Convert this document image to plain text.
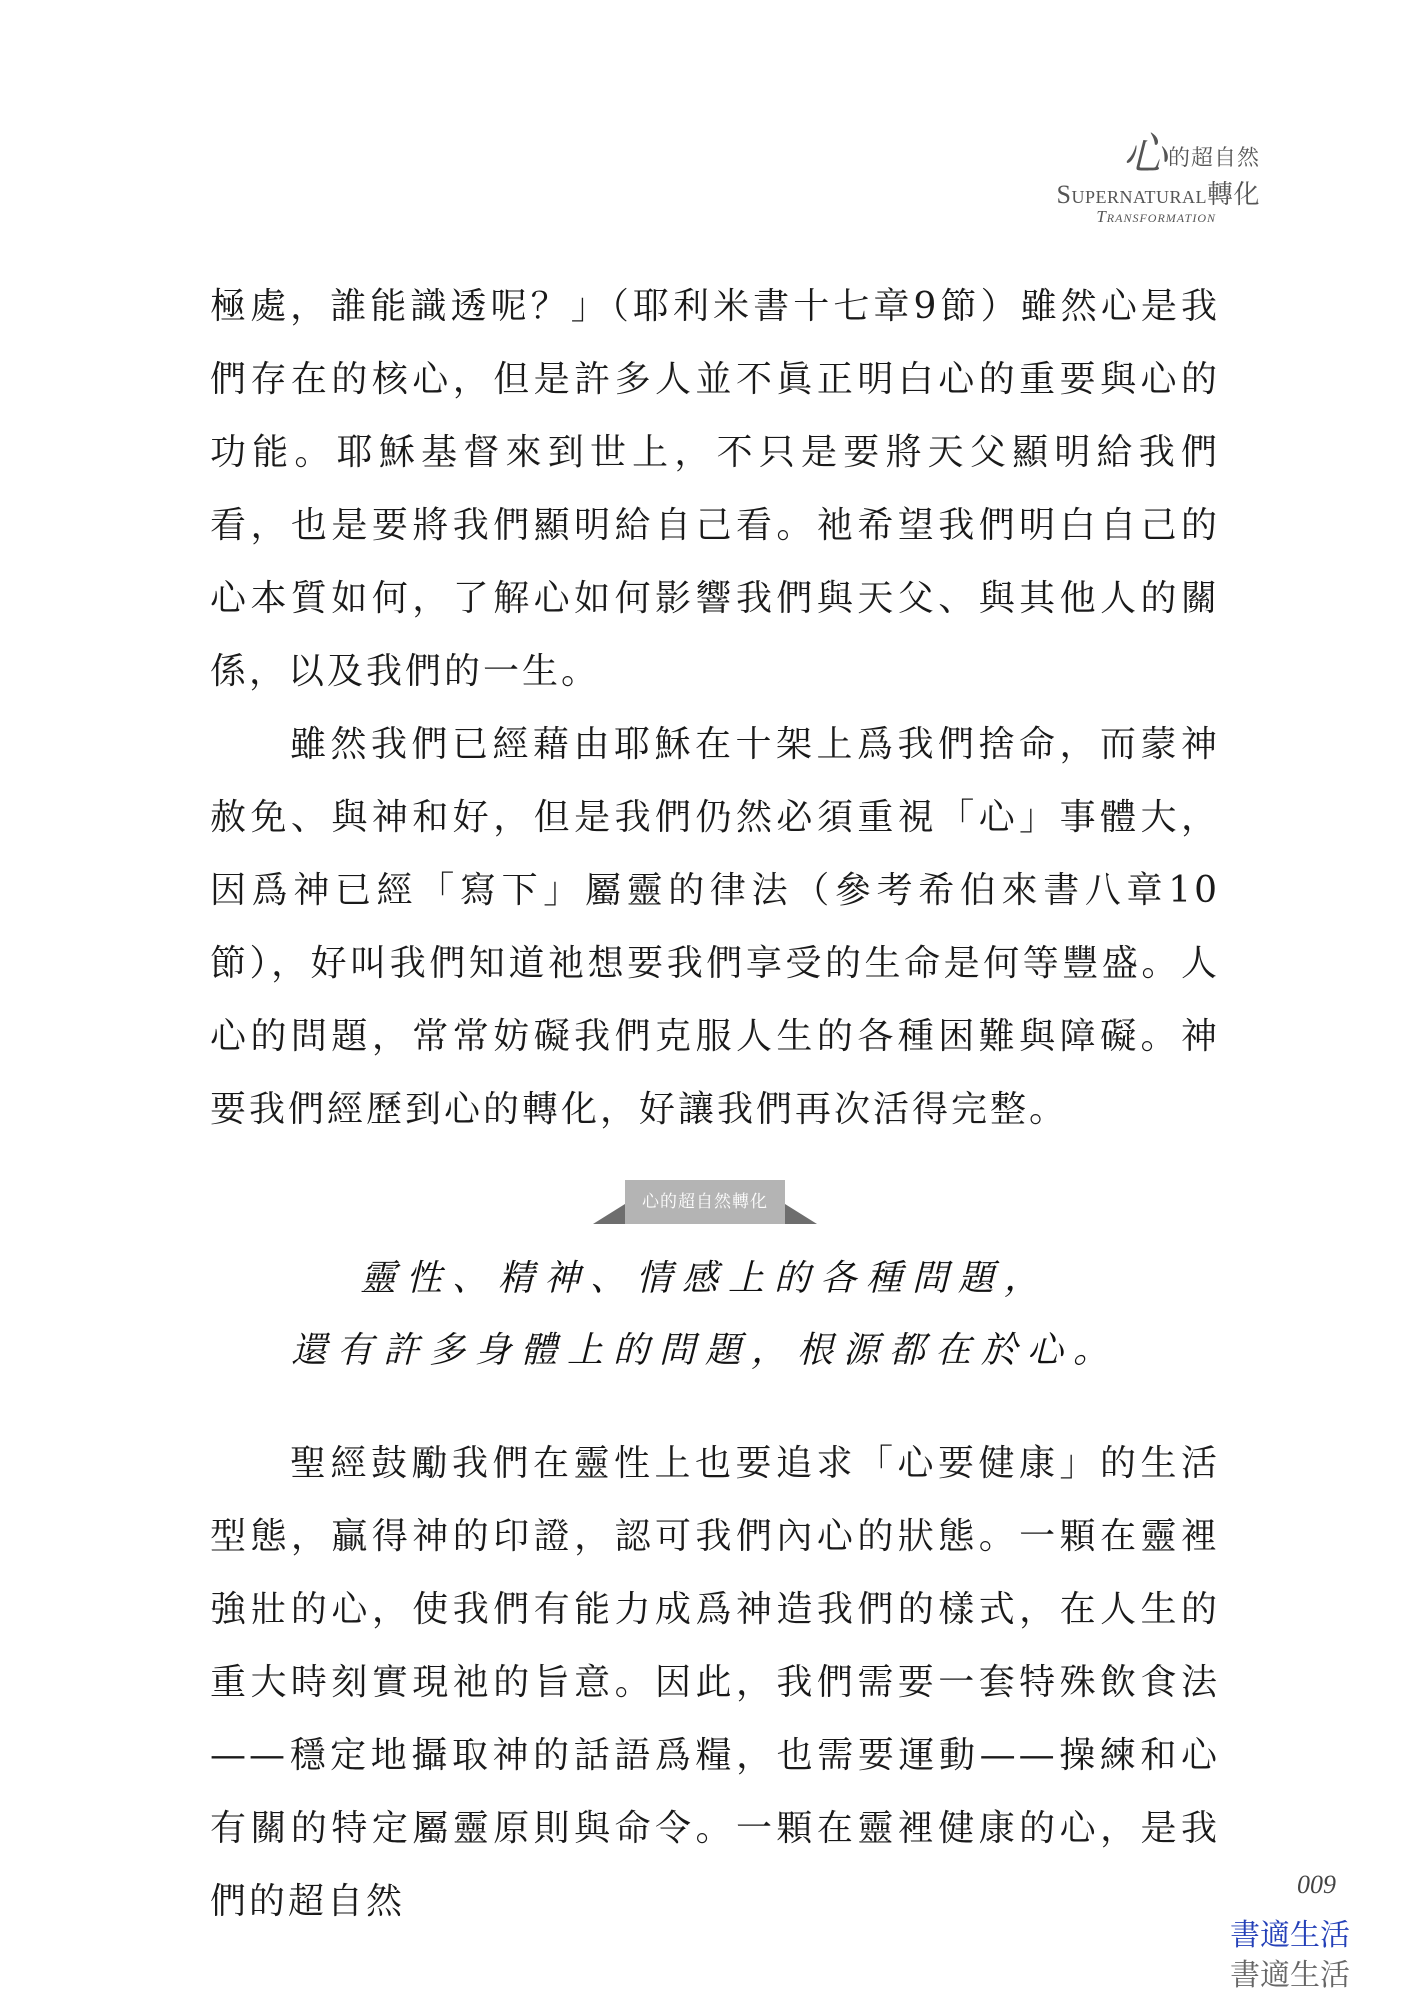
心的超自然
Supernatural轉化
Transformation

極處，誰能識透呢？」（耶利米書十七章9節）雖然心是我們存在的核心，但是許多人並不眞正明白心的重要與心的功能。耶穌基督來到世上，不只是要將天父顯明給我們看，也是要將我們顯明給自己看。祂希望我們明白自己的心本質如何，了解心如何影響我們與天父、與其他人的關係，以及我們的一生。

雖然我們已經藉由耶穌在十架上爲我們捨命，而蒙神赦免、與神和好，但是我們仍然必須重視「心」事體大，因爲神已經「寫下」屬靈的律法（參考希伯來書八章10節），好叫我們知道祂想要我們享受的生命是何等豐盛。人心的問題，常常妨礙我們克服人生的各種困難與障礙。神要我們經歷到心的轉化，好讓我們再次活得完整。

心的超自然轉化
靈性、精神、情感上的各種問題，
還有許多身體上的問題，根源都在於心。

聖經鼓勵我們在靈性上也要追求「心要健康」的生活型態，贏得神的印證，認可我們內心的狀態。一顆在靈裡強壯的心，使我們有能力成爲神造我們的樣式，在人生的重大時刻實現祂的旨意。因此，我們需要一套特殊飲食法——穩定地攝取神的話語爲糧，也需要運動——操練和心有關的特定屬靈原則與命令。一顆在靈裡健康的心，是我們的超自然	009
書適生活
書適生活
